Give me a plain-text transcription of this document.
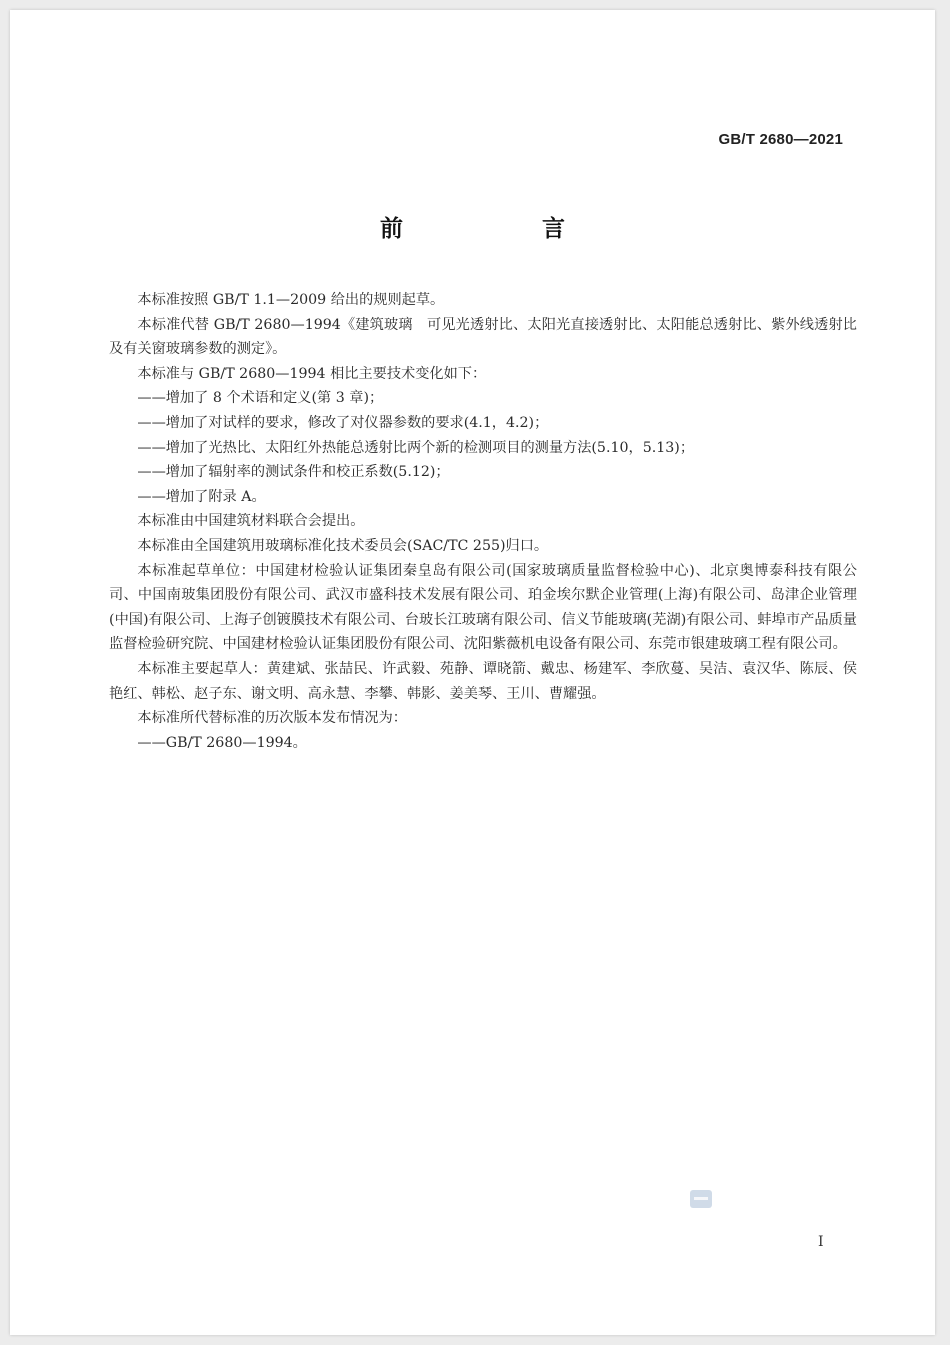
GB/T 2680—2021
前　言

本标准按照 GB/T 1.1—2009 给出的规则起草。

本标准代替 GB/T 2680—1994《建筑玻璃　可见光透射比、太阳光直接透射比、太阳能总透射比、紫外线透射比及有关窗玻璃参数的测定》。

本标准与 GB/T 2680—1994 相比主要技术变化如下：

——增加了 8 个术语和定义(第 3 章)；

——增加了对试样的要求，修改了对仪器参数的要求(4.1，4.2)；

——增加了光热比、太阳红外热能总透射比两个新的检测项目的测量方法(5.10，5.13)；

——增加了辐射率的测试条件和校正系数(5.12)；

——增加了附录 A。

本标准由中国建筑材料联合会提出。

本标准由全国建筑用玻璃标准化技术委员会(SAC/TC 255)归口。

本标准起草单位：中国建材检验认证集团秦皇岛有限公司(国家玻璃质量监督检验中心)、北京奥博泰科技有限公司、中国南玻集团股份有限公司、武汉市盛科技术发展有限公司、珀金埃尔默企业管理(上海)有限公司、岛津企业管理(中国)有限公司、上海子创镀膜技术有限公司、台玻长江玻璃有限公司、信义节能玻璃(芜湖)有限公司、蚌埠市产品质量监督检验研究院、中国建材检验认证集团股份有限公司、沈阳紫薇机电设备有限公司、东莞市银建玻璃工程有限公司。

本标准主要起草人：黄建斌、张喆民、许武毅、苑静、谭晓箭、戴忠、杨建军、李欣蔓、吴洁、袁汉华、陈辰、侯艳红、韩松、赵子东、谢文明、高永慧、李攀、韩影、姜美琴、王川、曹耀强。

本标准所代替标准的历次版本发布情况为：

——GB/T 2680—1994。

I
